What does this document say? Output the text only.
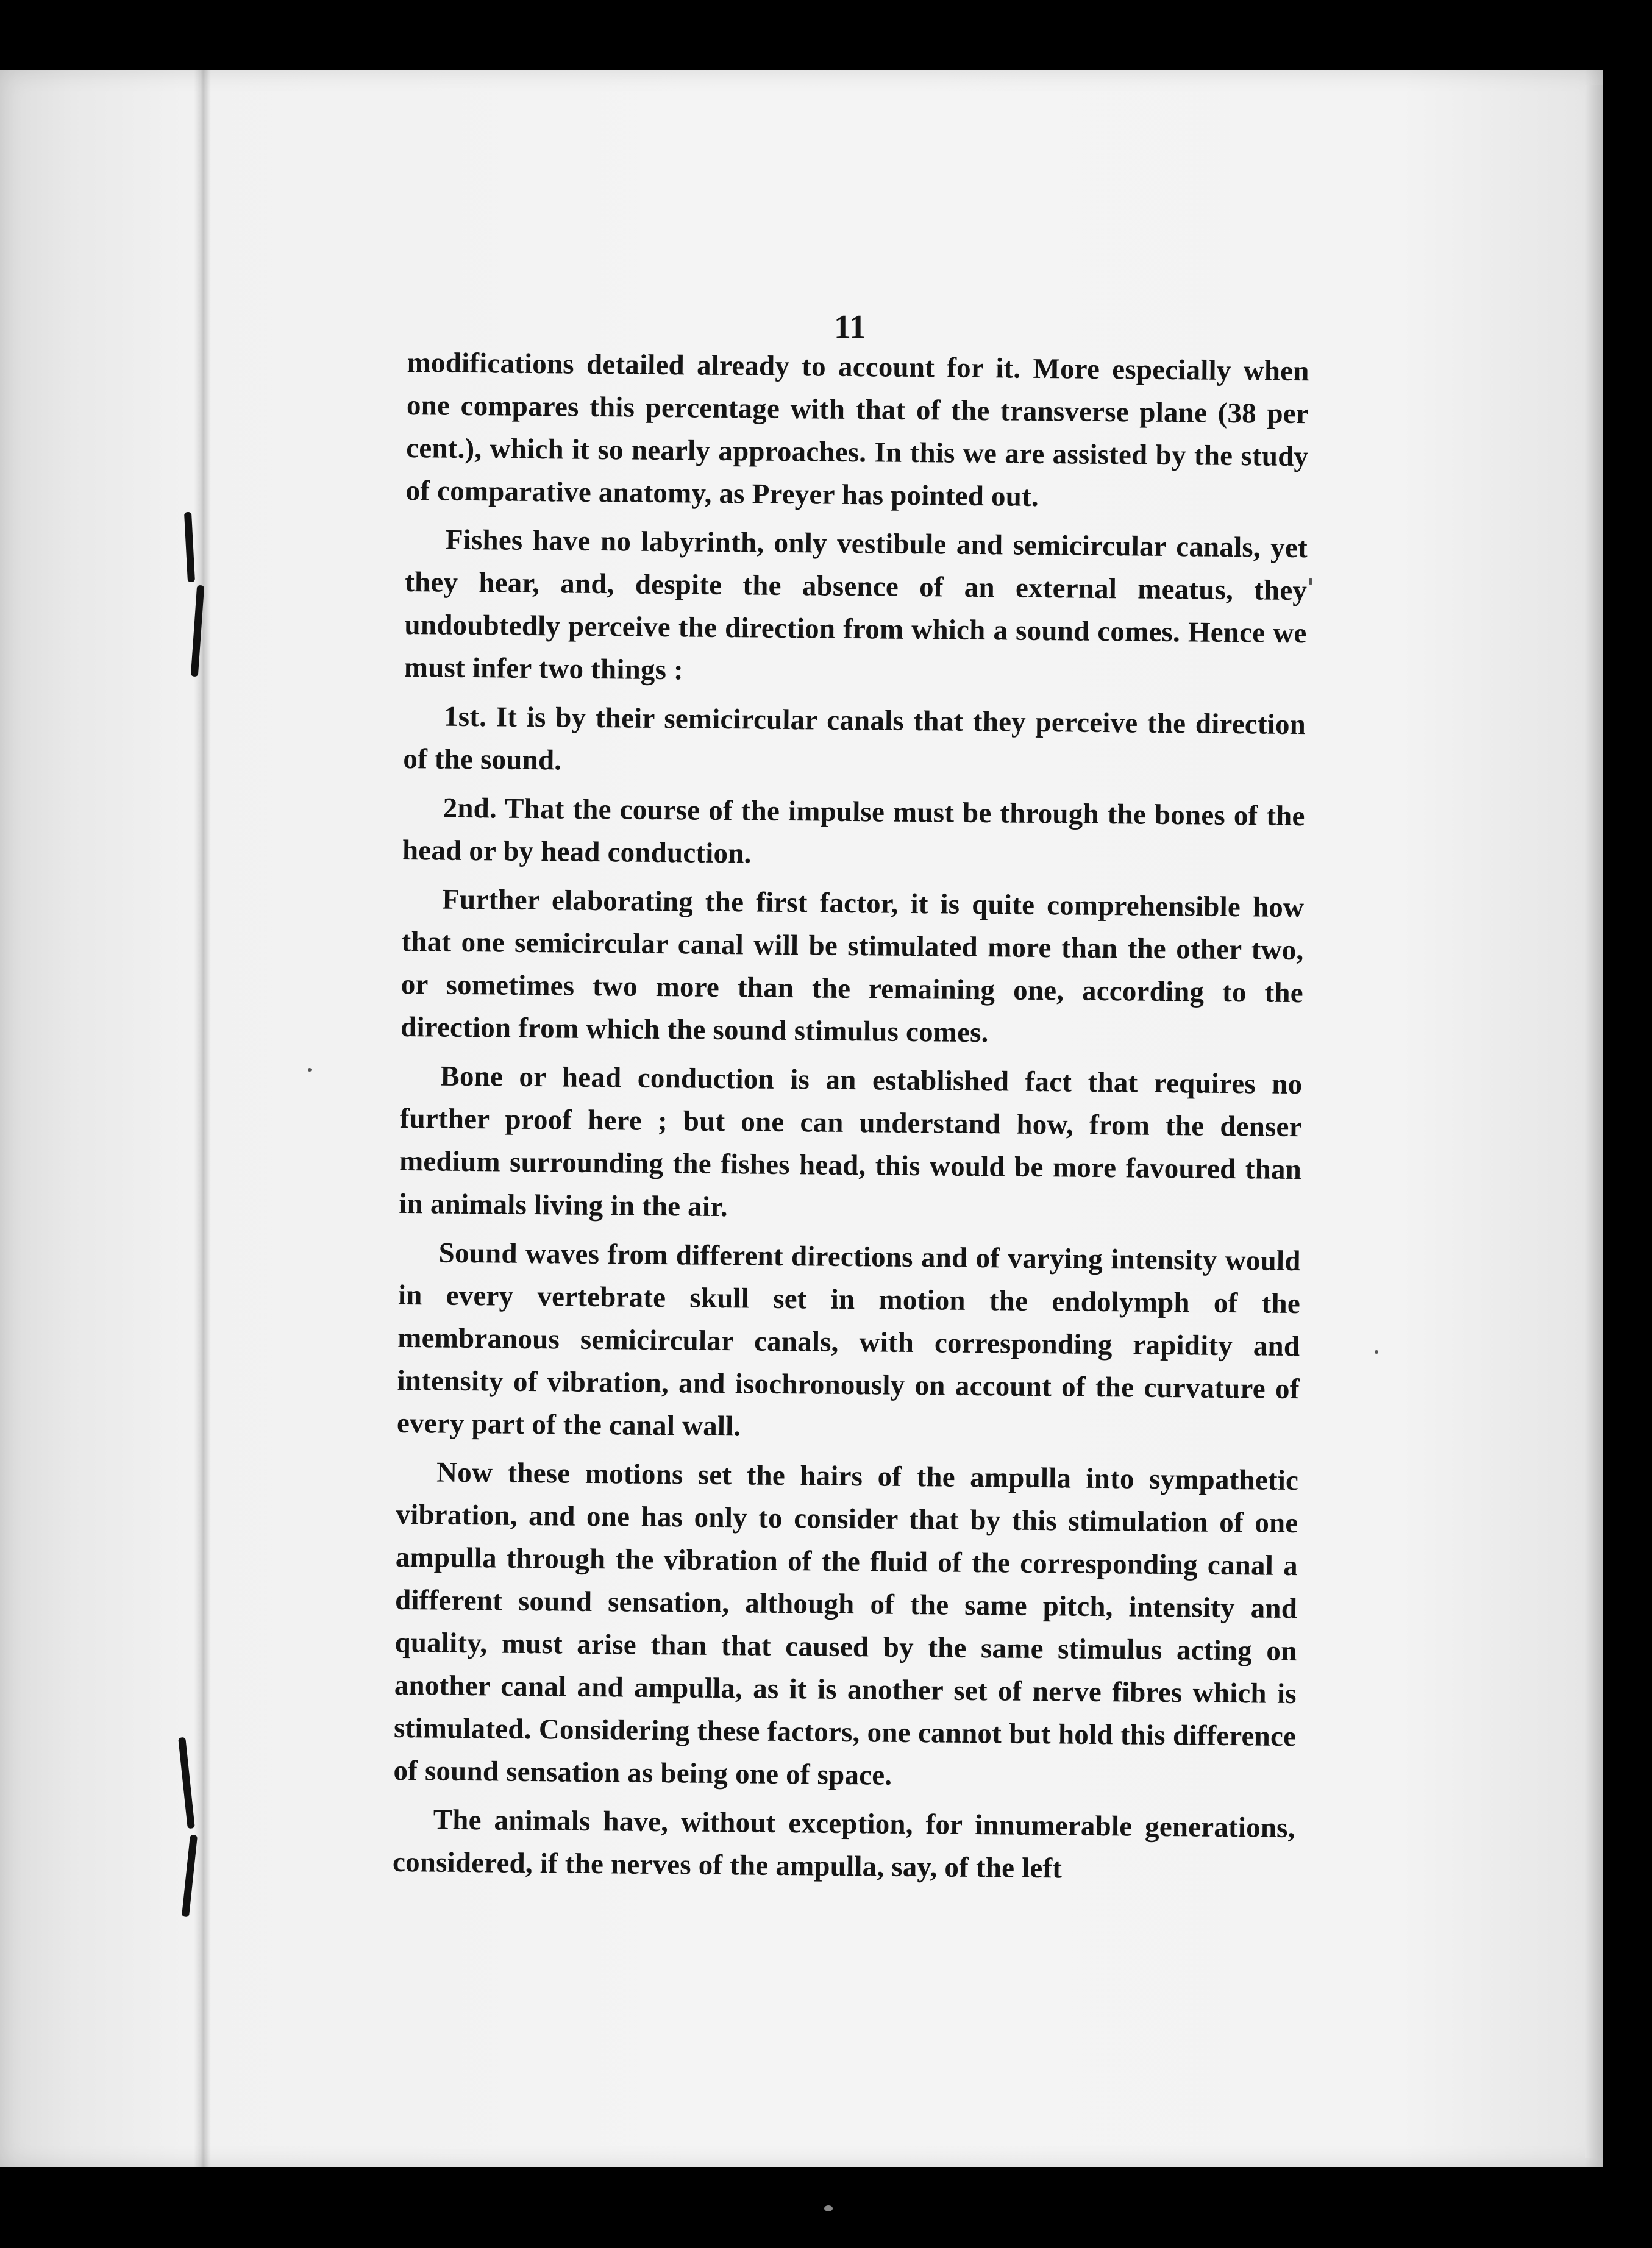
11

modifications detailed already to account for it. More especially when one compares this percentage with that of the transverse plane (38 per cent.), which it so nearly approaches. In this we are assisted by the study of comparative anatomy, as Preyer has pointed out.

Fishes have no labyrinth, only vestibule and semicircular canals, yet they hear, and, despite the absence of an external meatus, they undoubtedly perceive the direction from which a sound comes. Hence we must infer two things :

1st. It is by their semicircular canals that they perceive the direction of the sound.

2nd. That the course of the impulse must be through the bones of the head or by head conduction.

Further elaborating the first factor, it is quite comprehensible how that one semicircular canal will be stimulated more than the other two, or sometimes two more than the remaining one, according to the direction from which the sound stimulus comes.

Bone or head conduction is an established fact that requires no further proof here ; but one can understand how, from the denser medium surrounding the fishes head, this would be more favoured than in animals living in the air.

Sound waves from different directions and of varying intensity would in every vertebrate skull set in motion the endolymph of the membranous semicircular canals, with corresponding rapidity and intensity of vibration, and isochronously on account of the curvature of every part of the canal wall.

Now these motions set the hairs of the ampulla into sympathetic vibration, and one has only to consider that by this stimulation of one ampulla through the vibration of the fluid of the corresponding canal a different sound sensation, although of the same pitch, intensity and quality, must arise than that caused by the same stimulus acting on another canal and ampulla, as it is another set of nerve fibres which is stimulated. Considering these factors, one cannot but hold this difference of sound sensation as being one of space.

The animals have, without exception, for innumerable generations, considered, if the nerves of the ampulla, say, of the left
